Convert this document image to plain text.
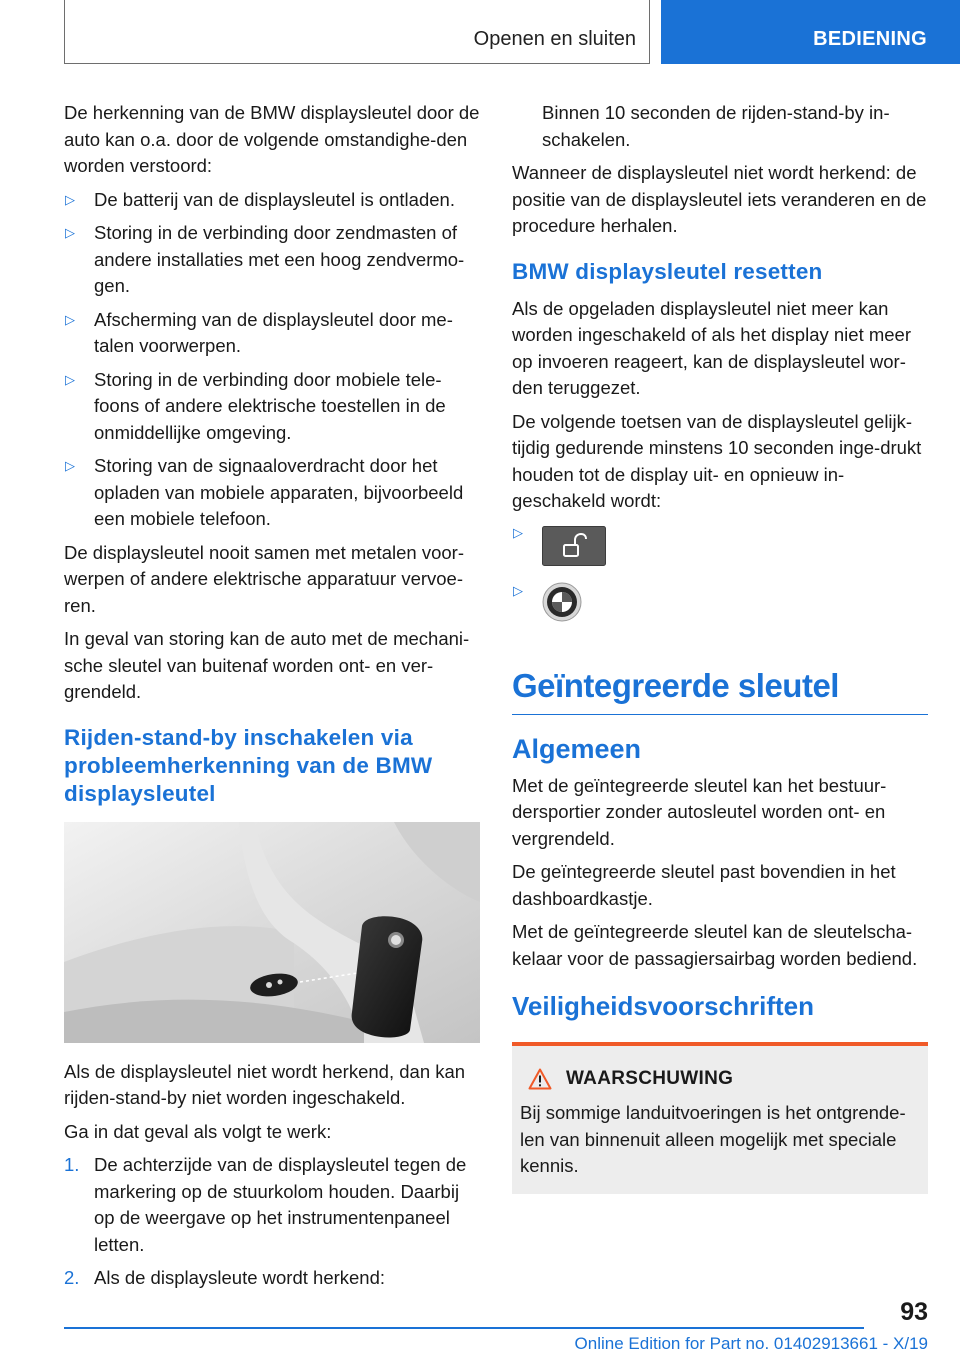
Openen en sluiten	BEDIENING

De herkenning van de BMW displaysleutel door de auto kan o.a. door de volgende omstandighe‐den worden verstoord:

▷ De batterij van de displaysleutel is ontladen.
▷ Storing in de verbinding door zendmasten of andere installaties met een hoog zendvermo‐gen.
▷ Afscherming van de displaysleutel door me‐talen voorwerpen.
▷ Storing in de verbinding door mobiele tele‐foons of andere elektrische toestellen in de onmiddellijke omgeving.
▷ Storing van de signaaloverdracht door het opladen van mobiele apparaten, bijvoorbeeld een mobiele telefoon.

De displaysleutel nooit samen met metalen voor‐werpen of andere elektrische apparatuur vervoe‐ren.

In geval van storing kan de auto met de mechani‐sche sleutel van buitenaf worden ont- en ver‐grendeld.

Rijden-stand-by inschakelen via probleemherkenning van de BMW displaysleutel

Als de displaysleutel niet wordt herkend, dan kan rijden-stand-by niet worden ingeschakeld.

Ga in dat geval als volgt te werk:

1. De achterzijde van de displaysleutel tegen de markering op de stuurkolom houden. Daarbij op de weergave op het instrumentenpaneel letten.
2. Als de displaysleute wordt herkend:

Binnen 10 seconden de rijden-stand-by in‐schakelen.

Wanneer de displaysleutel niet wordt herkend: de positie van de displaysleutel iets veranderen en de procedure herhalen.

BMW displaysleutel resetten

Als de opgeladen displaysleutel niet meer kan worden ingeschakeld of als het display niet meer op invoeren reageert, kan de displaysleutel wor‐den teruggezet.

De volgende toetsen van de displaysleutel gelijk‐tijdig gedurende minstens 10 seconden inge‐drukt houden tot de display uit- en opnieuw in‐geschakeld wordt:

▷
▷
Geïntegreerde sleutel
Algemeen

Met de geïntegreerde sleutel kan het bestuur‐dersportier zonder autosleutel worden ont- en vergrendeld.

De geïntegreerde sleutel past bovendien in het dashboardkastje.

Met de geïntegreerde sleutel kan de sleutelscha‐kelaar voor de passagiersairbag worden bediend.

Veiligheidsvoorschriften
WAARSCHUWING

Bij sommige landuitvoeringen is het ontgrende‐len van binnenuit alleen mogelijk met speciale kennis.

93
Online Edition for Part no. 01402913661 - X/19
